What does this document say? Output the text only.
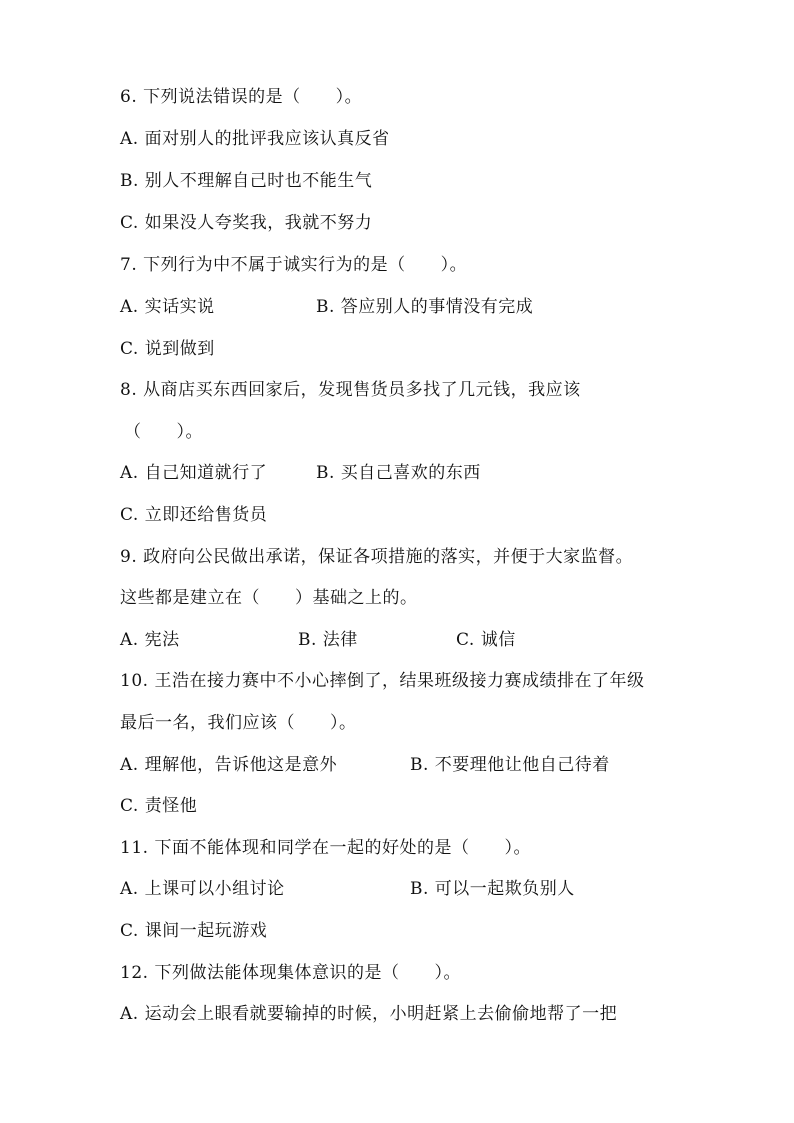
6. 下列说法错误的是（　　）。
A. 面对别人的批评我应该认真反省
B. 别人不理解自己时也不能生气
C. 如果没人夸奖我，我就不努力
7. 下列行为中不属于诚实行为的是（　　）。
A. 实话实说	B. 答应别人的事情没有完成
C. 说到做到
8. 从商店买东西回家后，发现售货员多找了几元钱，我应该
（　　）。
A. 自己知道就行了	B. 买自己喜欢的东西
C. 立即还给售货员
9. 政府向公民做出承诺，保证各项措施的落实，并便于大家监督。
这些都是建立在（　　）基础之上的。
A. 宪法	B. 法律	C. 诚信
10. 王浩在接力赛中不小心摔倒了，结果班级接力赛成绩排在了年级
最后一名，我们应该（　　）。
A. 理解他，告诉他这是意外	B. 不要理他让他自己待着
C. 责怪他
11. 下面不能体现和同学在一起的好处的是（　　）。
A. 上课可以小组讨论	B. 可以一起欺负别人
C. 课间一起玩游戏
12. 下列做法能体现集体意识的是（　　）。
A. 运动会上眼看就要输掉的时候，小明赶紧上去偷偷地帮了一把
